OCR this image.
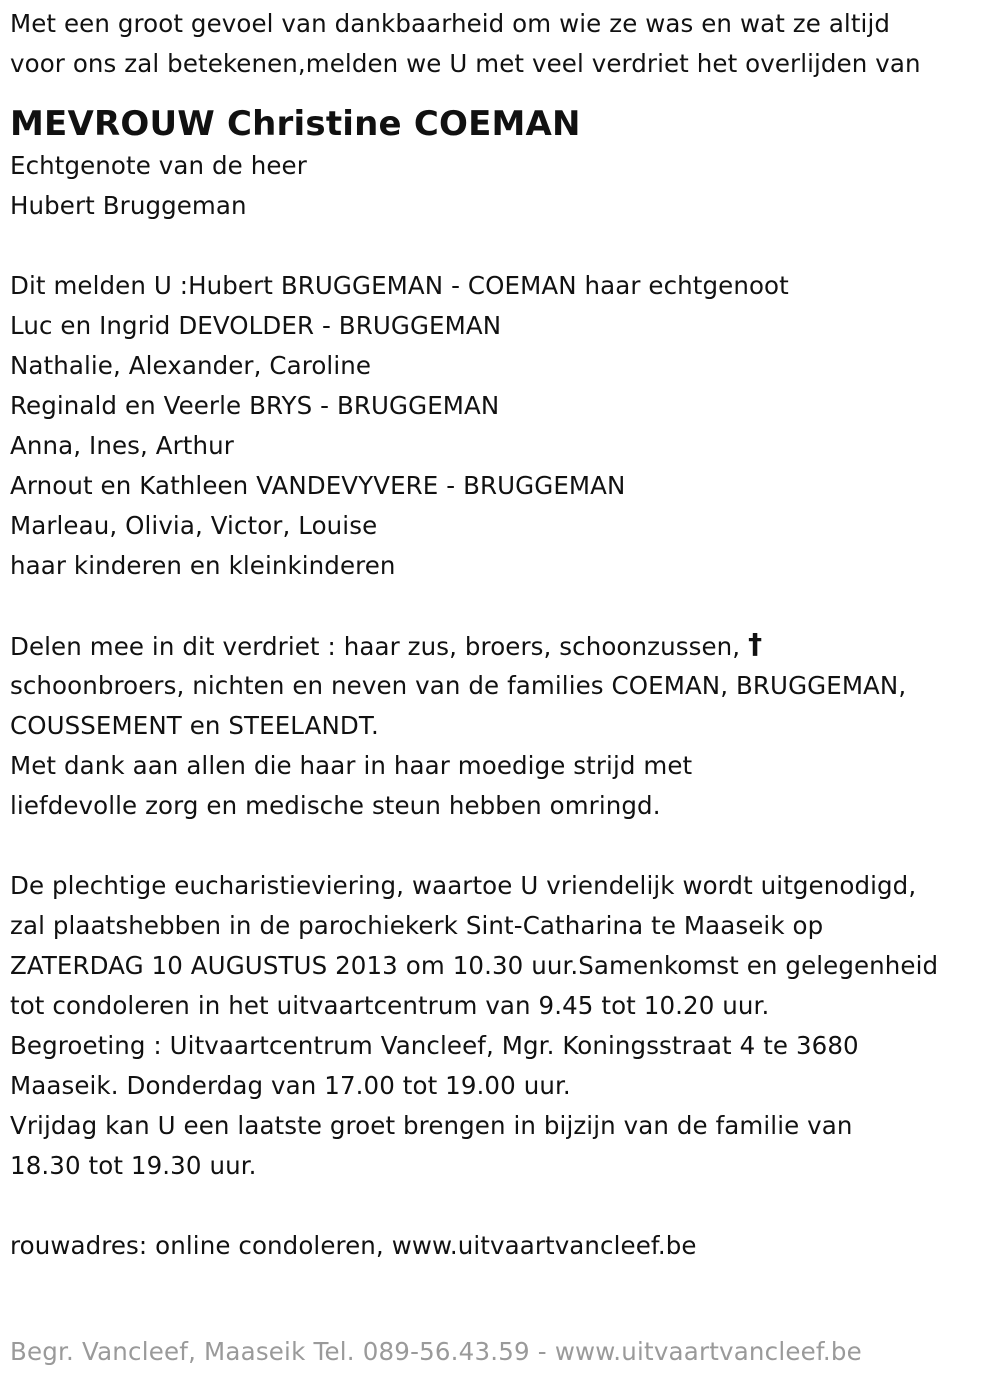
Met een groot gevoel van dankbaarheid om wie ze was en wat ze altijd
voor ons zal betekenen,melden we U met veel verdriet het overlijden van
MEVROUW Christine COEMAN
Echtgenote van de heer
Hubert Bruggeman
Dit melden U :Hubert BRUGGEMAN - COEMAN haar echtgenoot
Luc en Ingrid DEVOLDER - BRUGGEMAN
Nathalie, Alexander, Caroline
Reginald en Veerle BRYS - BRUGGEMAN
Anna, Ines, Arthur
Arnout en Kathleen VANDEVYVERE - BRUGGEMAN
Marleau, Olivia, Victor, Louise
haar kinderen en kleinkinderen
Delen mee in dit verdriet : haar zus, broers, schoonzussen, †
schoonbroers, nichten en neven van de families COEMAN, BRUGGEMAN,
COUSSEMENT en STEELANDT.
Met dank aan allen die haar in haar moedige strijd met
liefdevolle zorg en medische steun hebben omringd.
De plechtige eucharistieviering, waartoe U vriendelijk wordt uitgenodigd,
zal plaatshebben in de parochiekerk Sint-Catharina te Maaseik op
ZATERDAG 10 AUGUSTUS 2013 om 10.30 uur.Samenkomst en gelegenheid
tot condoleren in het uitvaartcentrum van 9.45 tot 10.20 uur.
Begroeting : Uitvaartcentrum Vancleef, Mgr. Koningsstraat 4 te 3680
Maaseik. Donderdag van 17.00 tot 19.00 uur.
Vrijdag kan U een laatste groet brengen in bijzijn van de familie van
18.30 tot 19.30 uur.
rouwadres: online condoleren, www.uitvaartvancleef.be
Begr. Vancleef, Maaseik Tel. 089-56.43.59 - www.uitvaartvancleef.be
